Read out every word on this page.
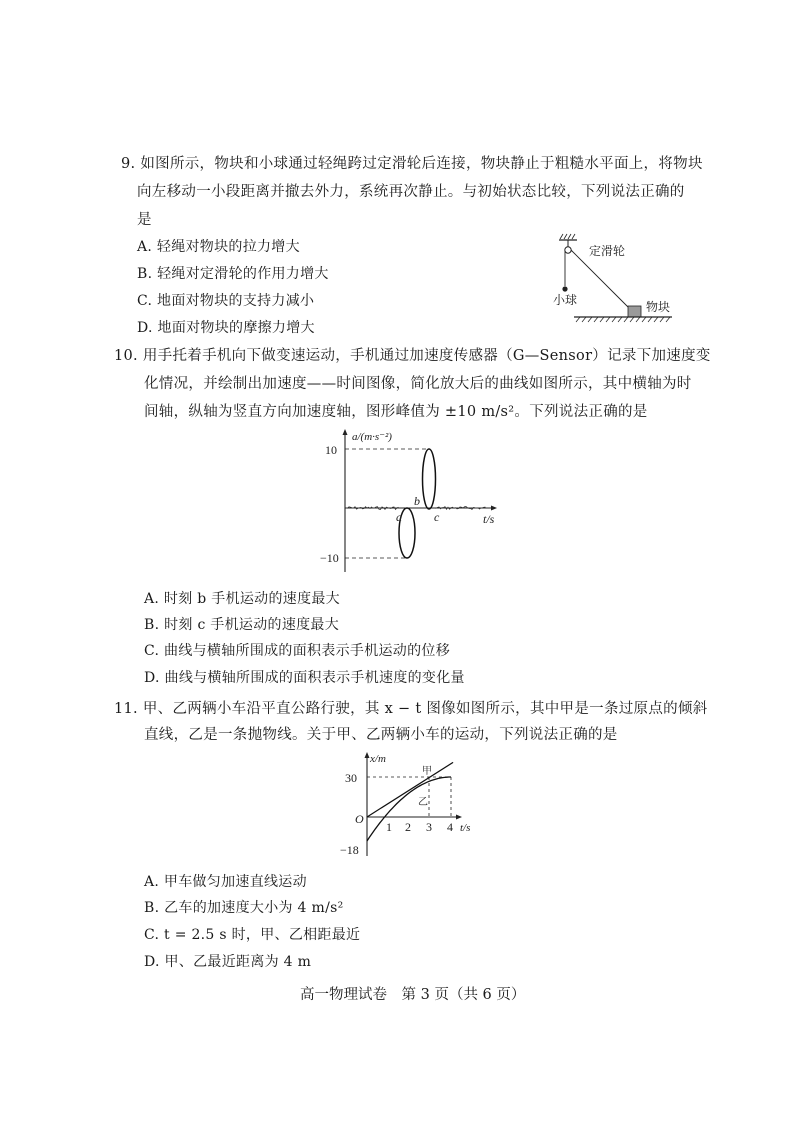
9. 如图所示，物块和小球通过轻绳跨过定滑轮后连接，物块静止于粗糙水平面上，将物块
向左移动一小段距离并撤去外力，系统再次静止。与初始状态比较，下列说法正确的
是
A. 轻绳对物块的拉力增大
B. 轻绳对定滑轮的作用力增大
C. 地面对物块的支持力减小
D. 地面对物块的摩擦力增大
定滑轮
小球	物块
10. 用手托着手机向下做变速运动，手机通过加速度传感器（G—Sensor）记录下加速度变
化情况，并绘制出加速度——时间图像，简化放大后的曲线如图所示，其中横轴为时
间轴，纵轴为竖直方向加速度轴，图形峰值为 ±10 m/s²。下列说法正确的是
10
−10
a/(m·s⁻²)
t/s
a
b
c
A. 时刻 b 手机运动的速度最大
B. 时刻 c 手机运动的速度最大
C. 曲线与横轴所围成的面积表示手机运动的位移
D. 曲线与横轴所围成的面积表示手机速度的变化量
11. 甲、乙两辆小车沿平直公路行驶，其 x − t 图像如图所示，其中甲是一条过原点的倾斜
直线，乙是一条抛物线。关于甲、乙两辆小车的运动，下列说法正确的是
30
−18
O
1 2 3 4
x/m
t/s
甲
乙
A. 甲车做匀加速直线运动
B. 乙车的加速度大小为 4 m/s²
C. t = 2.5 s 时，甲、乙相距最近
D. 甲、乙最近距离为 4 m
高一物理试卷　第 3 页（共 6 页）
